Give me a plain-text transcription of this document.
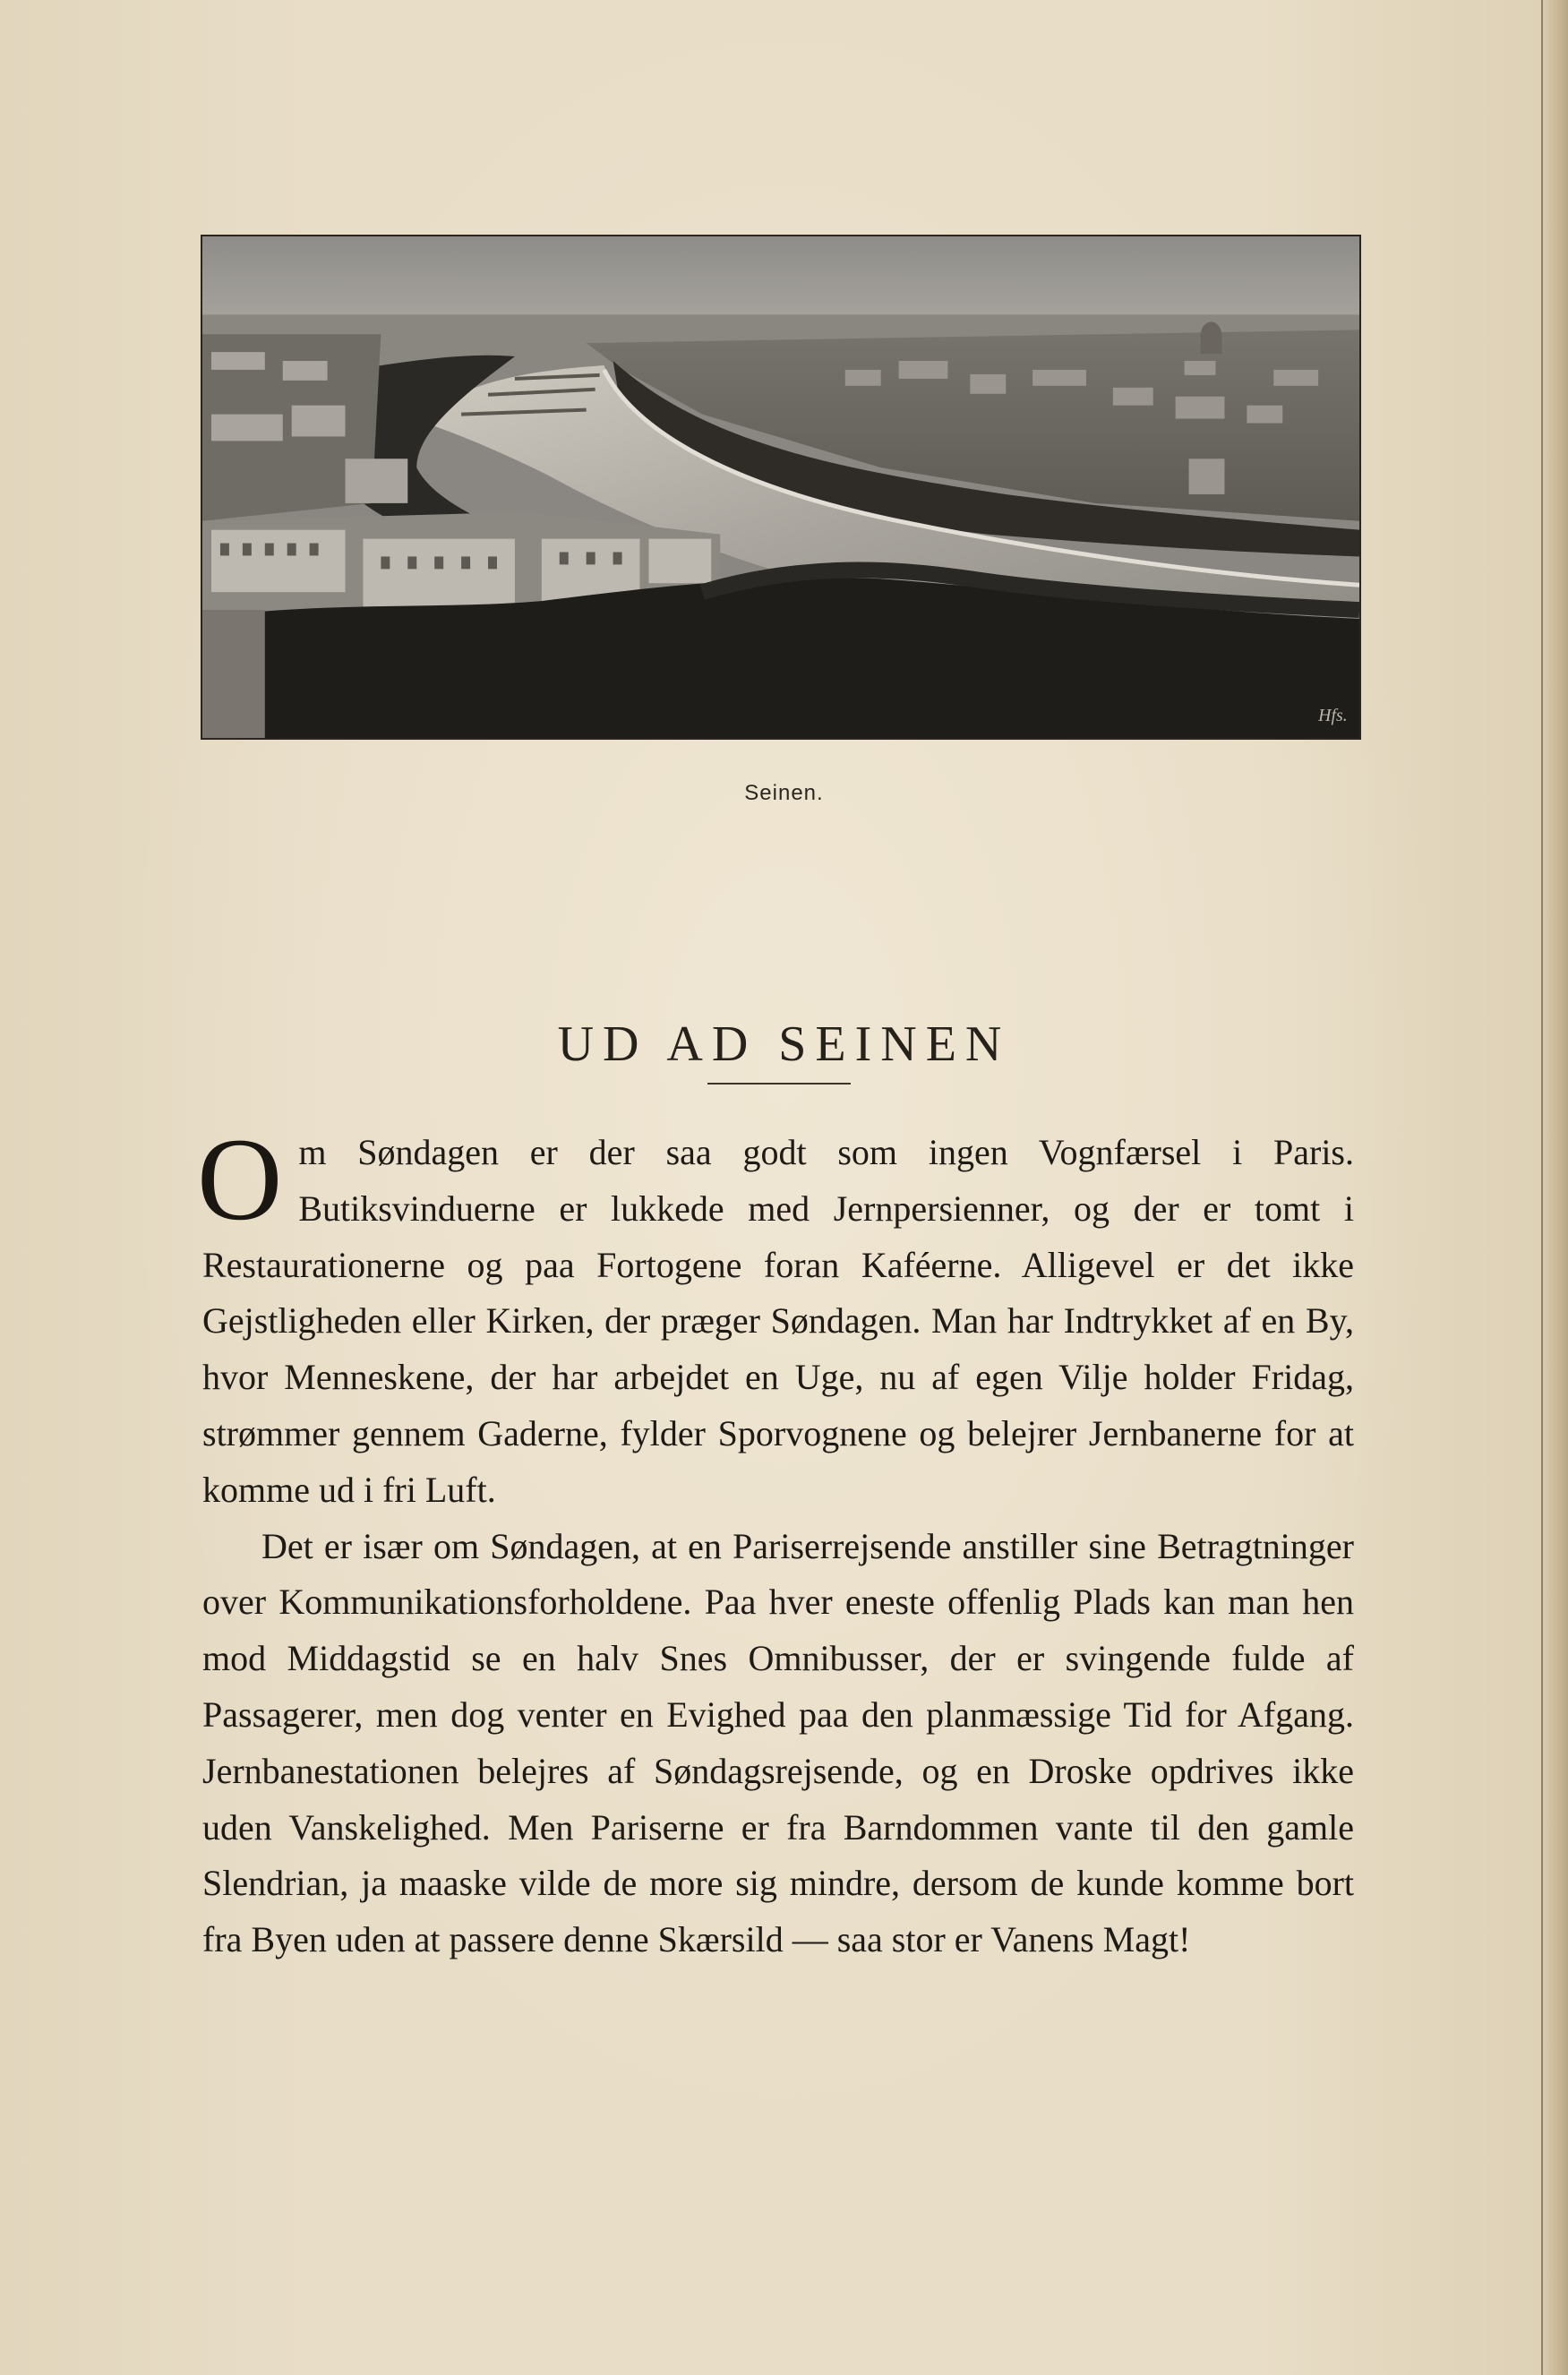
Hfs.
Seinen.
UD AD SEINEN

Om Søndagen er der saa godt som ingen Vognfærsel i Paris. Butiksvinduerne er lukkede med Jernpersienner, og der er tomt i Restaurationerne og paa Fortogene foran Kaféerne. Alligevel er det ikke Gejstligheden eller Kirken, der præger Søndagen. Man har Indtrykket af en By, hvor Menneskene, der har arbejdet en Uge, nu af egen Vilje holder Fridag, strømmer gennem Gaderne, fylder Sporvognene og belejrer Jernbanerne for at komme ud i fri Luft.

Det er især om Søndagen, at en Pariserrejsende anstiller sine Betragtninger over Kommunikationsforholdene. Paa hver eneste offenlig Plads kan man hen mod Middagstid se en halv Snes Omnibusser, der er svingende fulde af Passagerer, men dog venter en Evighed paa den planmæssige Tid for Afgang. Jernbanestationen belejres af Søndagsrejsende, og en Droske opdrives ikke uden Vanskelighed. Men Pariserne er fra Barndommen vante til den gamle Slendrian, ja maaske vilde de more sig mindre, dersom de kunde komme bort fra Byen uden at passere denne Skærsild — saa stor er Vanens Magt!
